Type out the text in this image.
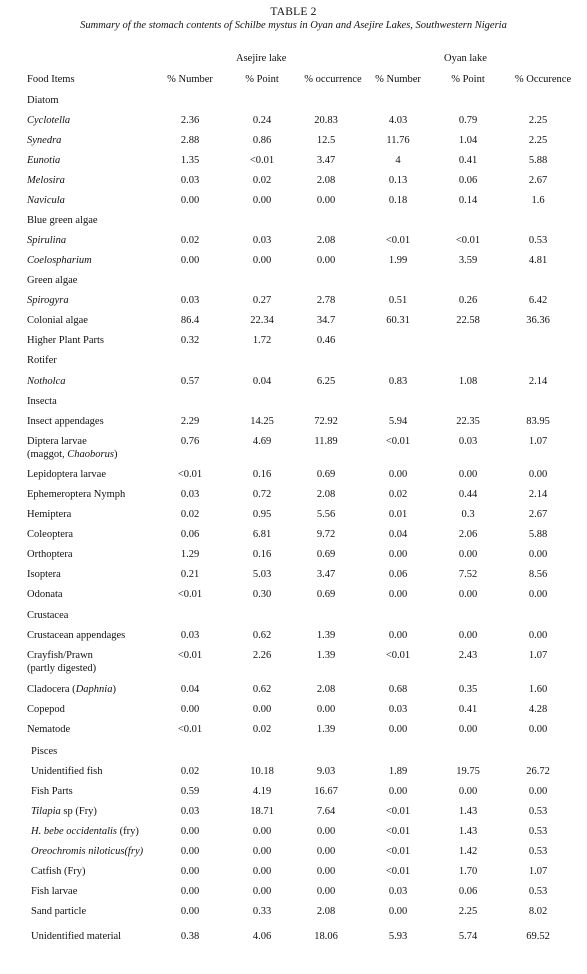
TABLE 2
Summary of the stomach contents of Schilbe mystus in Oyan and Asejire Lakes, Southwestern Nigeria
Asejire lake	Oyan lake
Food Items	% Number	% Point	% occurrence	% Number	% Point	% Occurence
Diatom
Cyclotella	2.36	0.24	20.83	4.03	0.79	2.25
Synedra	2.88	0.86	12.5	11.76	1.04	2.25
Eunotia	1.35	<0.01	3.47	4	0.41	5.88
Melosira	0.03	0.02	2.08	0.13	0.06	2.67
Navicula	0.00	0.00	0.00	0.18	0.14	1.6
Blue green algae
Spirulina	0.02	0.03	2.08	<0.01	<0.01	0.53
Coelospharium	0.00	0.00	0.00	1.99	3.59	4.81
Green algae
Spirogyra	0.03	0.27	2.78	0.51	0.26	6.42
Colonial algae	86.4	22.34	34.7	60.31	22.58	36.36
Higher Plant Parts	0.32	1.72	0.46
Rotifer
Notholca	0.57	0.04	6.25	0.83	1.08	2.14
Insecta
Insect appendages	2.29	14.25	72.92	5.94	22.35	83.95
Diptera larvae	0.76	4.69	11.89	<0.01	0.03	1.07
(maggot, Chaoborus)
Lepidoptera larvae	<0.01	0.16	0.69	0.00	0.00	0.00
Ephemeroptera Nymph	0.03	0.72	2.08	0.02	0.44	2.14
Hemiptera	0.02	0.95	5.56	0.01	0.3	2.67
Coleoptera	0.06	6.81	9.72	0.04	2.06	5.88
Orthoptera	1.29	0.16	0.69	0.00	0.00	0.00
Isoptera	0.21	5.03	3.47	0.06	7.52	8.56
Odonata	<0.01	0.30	0.69	0.00	0.00	0.00
Crustacea
Crustacean appendages	0.03	0.62	1.39	0.00	0.00	0.00
Crayfish/Prawn	<0.01	2.26	1.39	<0.01	2.43	1.07
(partly digested)
Cladocera (Daphnia)	0.04	0.62	2.08	0.68	0.35	1.60
Copepod	0.00	0.00	0.00	0.03	0.41	4.28
Nematode	<0.01	0.02	1.39	0.00	0.00	0.00
Pisces
Unidentified fish	0.02	10.18	9.03	1.89	19.75	26.72
Fish Parts	0.59	4.19	16.67	0.00	0.00	0.00
Tilapia sp (Fry)	0.03	18.71	7.64	<0.01	1.43	0.53
H. bebe occidentalis (fry)	0.00	0.00	0.00	<0.01	1.43	0.53
Oreochromis niloticus(fry)	0.00	0.00	0.00	<0.01	1.42	0.53
Catfish (Fry)	0.00	0.00	0.00	<0.01	1.70	1.07
Fish larvae	0.00	0.00	0.00	0.03	0.06	0.53
Sand particle	0.00	0.33	2.08	0.00	2.25	8.02
Unidentified material	0.38	4.06	18.06	5.93	5.74	69.52
